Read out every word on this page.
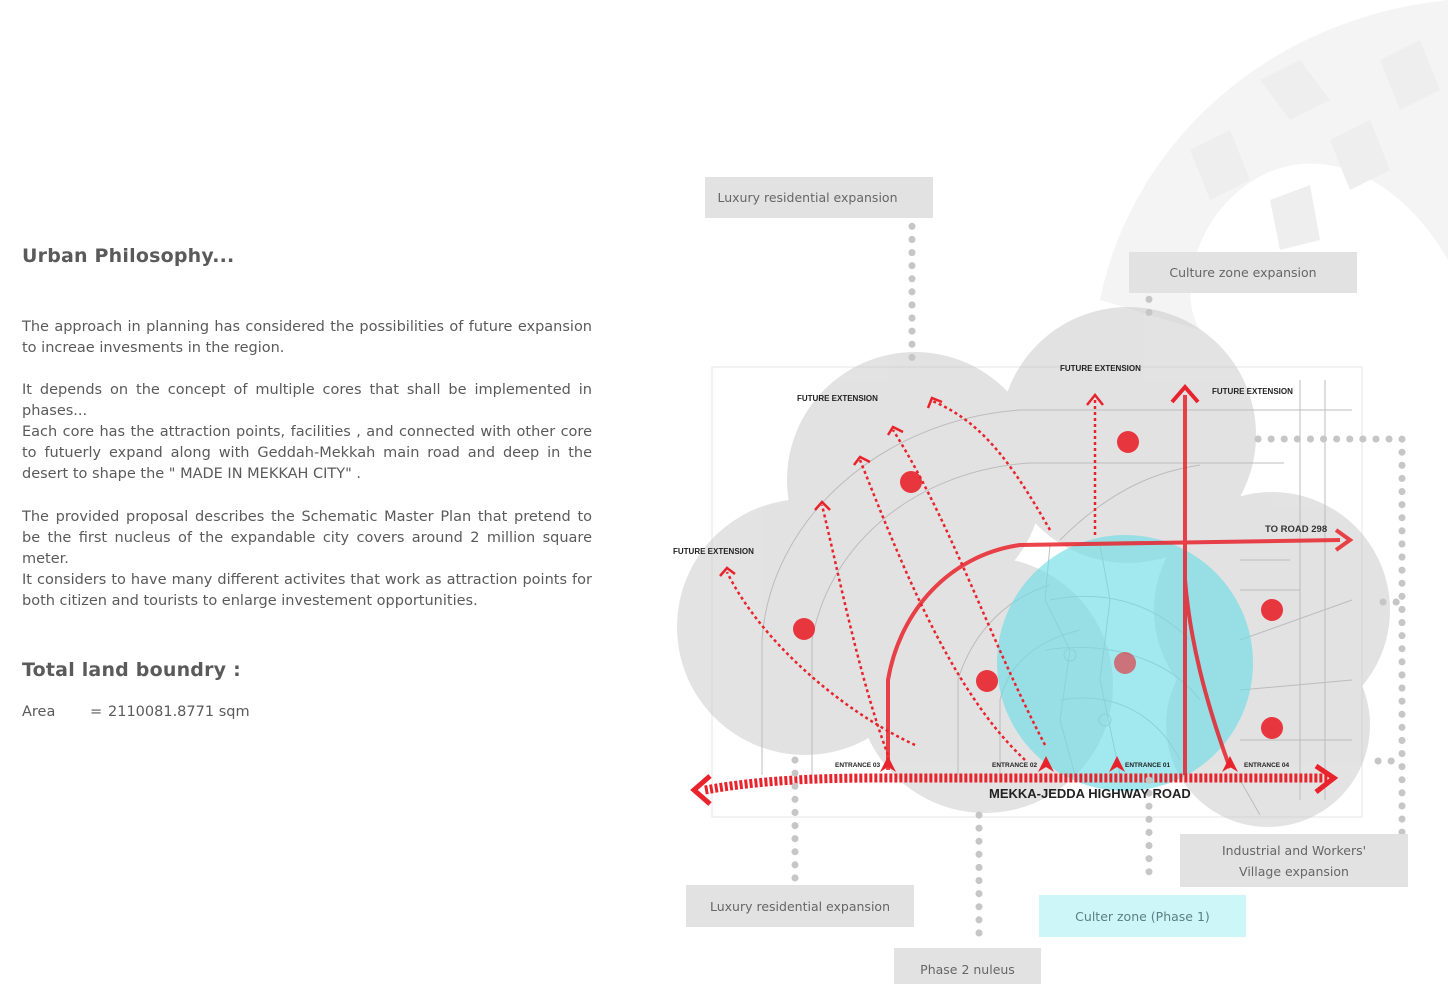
Urban Philosophy...
The approach in planning has considered the possibilities of future expansion to increae invesments in the region.
It depends on the concept of multiple cores that shall be implemented in phases...
Each core has the attraction points, facilities , and connected with other core to futuerly expand along with Geddah-Mekkah main road and deep in the desert to shape the " MADE IN MEKKAH CITY" .
The provided proposal describes the Schematic Master Plan that pretend to be the first nucleus of the expandable city covers around 2 million square meter.
It considers to have many different activites that work as attraction points for both citizen and tourists to enlarge investement opportunities.
Total land boundry :
Area = 2110081.8771 sqm
FUTURE EXTENSION
FUTURE EXTENSION
FUTURE EXTENSION
FUTURE EXTENSION
TO ROAD 298
ENTRANCE 03	ENTRANCE 02	ENTRANCE 01	ENTRANCE 04
MEKKA-JEDDA HIGHWAY ROAD
Luxury residential expansion
Culture zone expansion
Industrial and Workers'
Village expansion
Luxury residential expansion
Culter zone (Phase 1)
Phase 2 nuleus
